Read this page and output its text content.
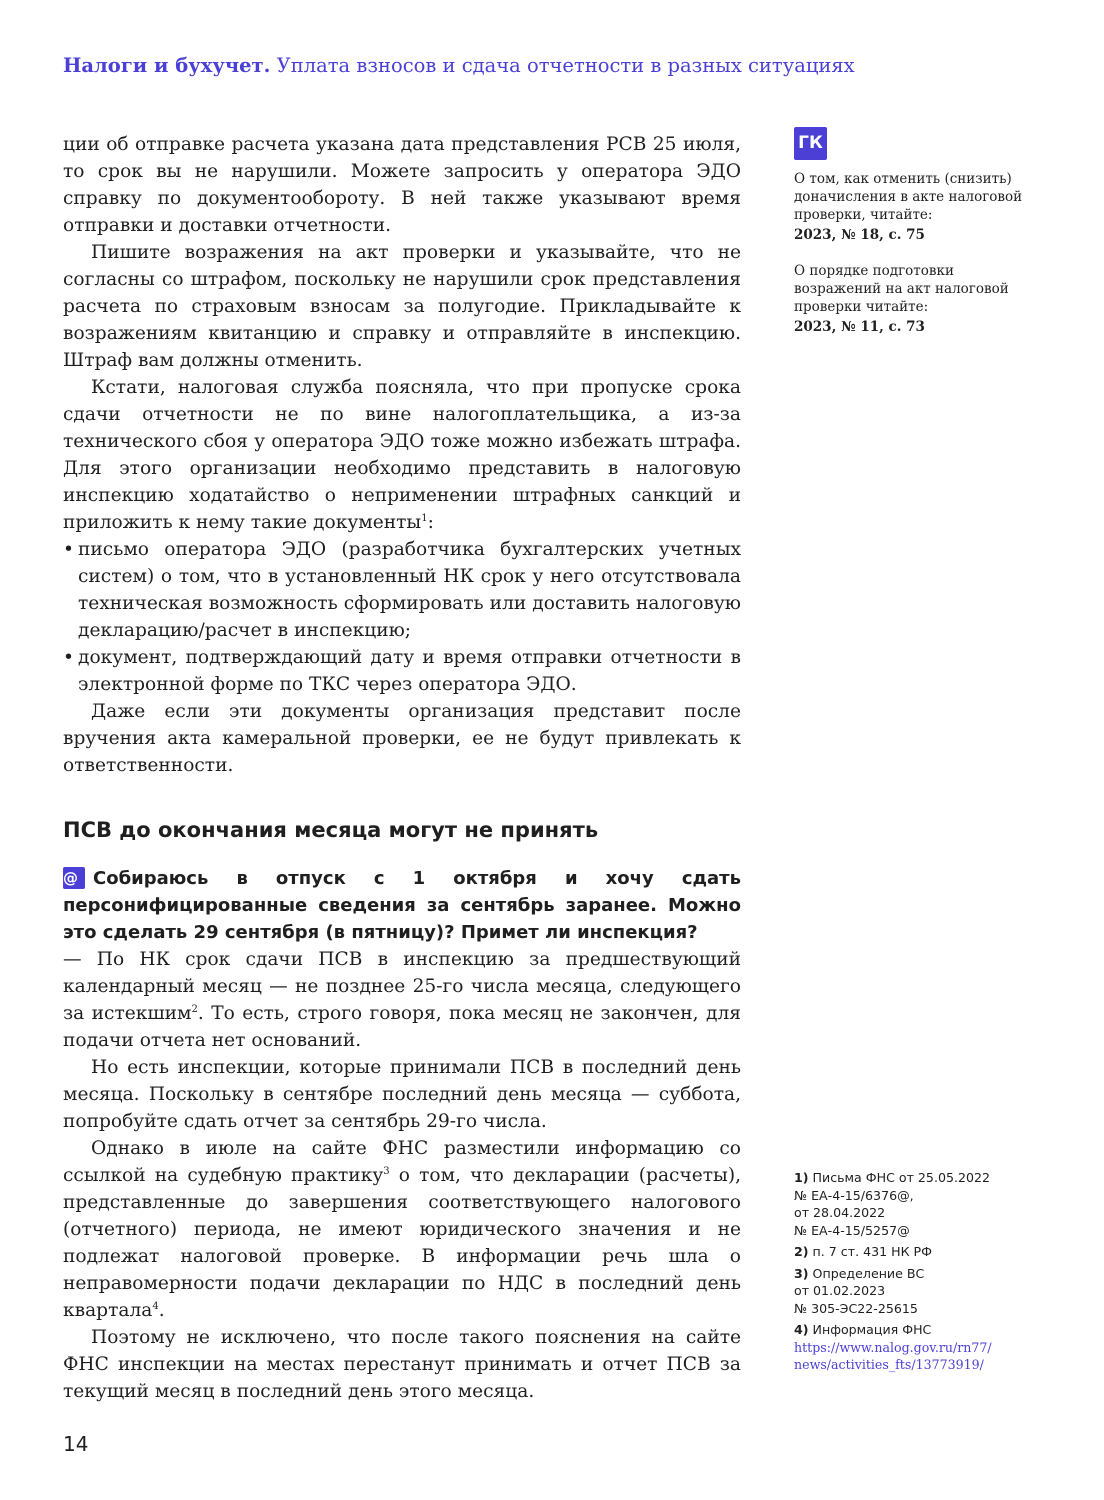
Налоги и бухучет. Уплата взносов и сдача отчетности в разных ситуациях

ции об отправке расчета указана дата представления РСВ 25 июля, то срок вы не нарушили. Можете запросить у оператора ЭДО справку по документообороту. В ней также указывают время отправки и доставки отчетности.

Пишите возражения на акт проверки и указывайте, что не согласны со штрафом, поскольку не нарушили срок представления расчета по страховым взносам за полугодие. Прикладывайте к возражениям квитанцию и справку и отправляйте в инспекцию. Штраф вам должны отменить.

Кстати, налоговая служба поясняла, что при пропуске срока сдачи отчетности не по вине налогоплательщика, а из-за технического сбоя у оператора ЭДО тоже можно избежать штрафа. Для этого организации необходимо представить в налоговую инспекцию ходатайство о неприменении штрафных санкций и приложить к нему такие документы$^1$:

• письмо оператора ЭДО (разработчика бухгалтерских учетных систем) о том, что в установленный НК срок у него отсутствовала техническая возможность сформировать или доставить налоговую декларацию/расчет в инспекцию;

• документ, подтверждающий дату и время отправки отчетности в электронной форме по ТКС через оператора ЭДО.

Даже если эти документы организация представит после вручения акта камеральной проверки, ее не будут привлекать к ответственности.

ПСВ до окончания месяца могут не принять

@ Собираюсь в отпуск с 1 октября и хочу сдать персонифицированные сведения за сентябрь заранее. Можно это сделать 29 сентября (в пятницу)? Примет ли инспекция?

— По НК срок сдачи ПСВ в инспекцию за предшествующий календарный месяц — не позднее 25-го числа месяца, следующего за истекшим$^2$. То есть, строго говоря, пока месяц не закончен, для подачи отчета нет оснований.

Но есть инспекции, которые принимали ПСВ в последний день месяца. Поскольку в сентябре последний день месяца — суббота, попробуйте сдать отчет за сентябрь 29-го числа.

Однако в июле на сайте ФНС разместили информацию со ссылкой на судебную практику$^3$ о том, что декларации (расчеты), представленные до завершения соответствующего налогового (отчетного) периода, не имеют юридического значения и не подлежат налоговой проверке. В информации речь шла о неправомерности подачи декларации по НДС в последний день квартала$^4$.

Поэтому не исключено, что после такого пояснения на сайте ФНС инспекции на местах перестанут принимать и отчет ПСВ за текущий месяц в последний день этого месяца.

ГК
О том, как отменить (снизить) доначисления в акте налоговой проверки, читайте:
2023, № 18, с. 75
О порядке подготовки возражений на акт налоговой проверки читайте:
2023, № 11, с. 73
1) Письма ФНС от 25.05.2022
№ ЕА-4-15/6376@,
от 28.04.2022
№ ЕА-4-15/5257@
2) п. 7 ст. 431 НК РФ
3) Определение ВС
от 01.02.2023
№ 305-ЭС22-25615
4) Информация ФНС
https://www.nalog.gov.ru/rn77/
news/activities_fts/13773919/
14
